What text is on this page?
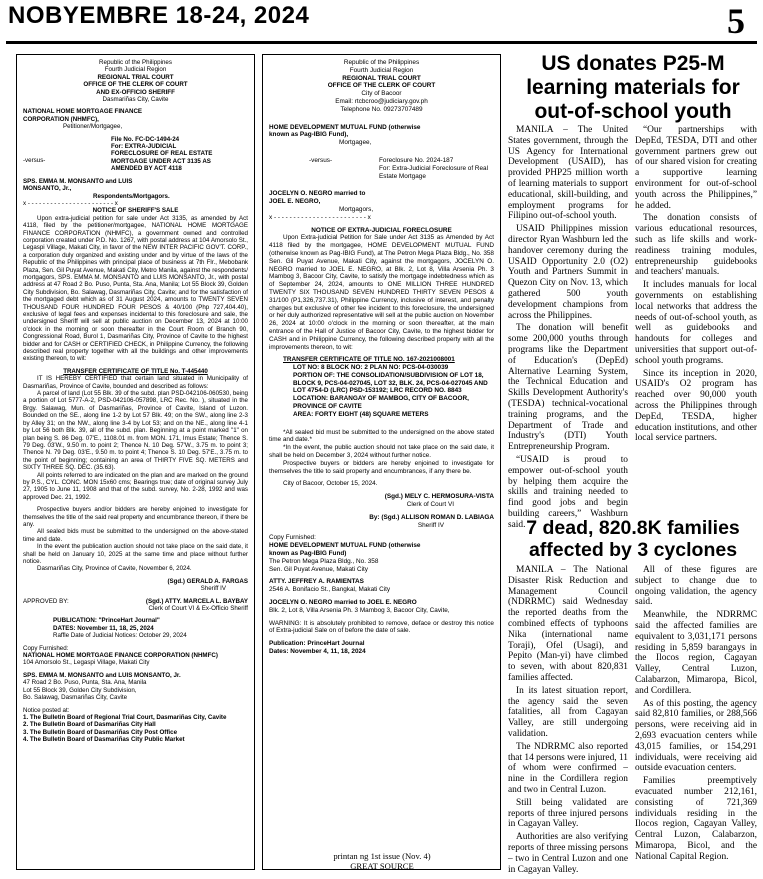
NOBYEMBRE 18-24, 2024	5
Republic of the Philippines
Fourth Judicial Region
REGIONAL TRIAL COURT
OFFICE OF THE CLERK OF COURT
AND EX-OFFICIO SHERIFF
Dasmariñas City, Cavite
NATIONAL HOME MORTGAGE FINANCE CORPORATION (NHMFC),
Petitioner/Mortgagee,
File No. FC-DC-1494-24
-versus-
For: EXTRA-JUDICIAL FORECLOSURE OF REAL ESTATE MORTGAGE UNDER ACT 3135 AS AMENDED BY ACT 4118
SPS. EMMA M. MONSANTO and LUIS MONSANTO, Jr.,
Respondents/Mortgagors.
x - - - - - - - - - - - - - - - - - - - - - - - x
NOTICE OF SHERIFF'S SALE

Upon extra-judicial petition for sale under Act 3135, as amended by Act 4118, filed by the petitioner/mortgagee, NATIONAL HOME MORTGAGE FINANCE CORPORATION (NHMFC), a government owned and controlled corporation created under P.D. No. 1267, with postal address at 104 Amorsolo St., Legaspi Village, Makati City, in favor of the NEW INTER PACIFIC GOV'T. CORP., a corporation duly organized and existing under and by virtue of the laws of the Republic of the Philippines with principal place of business at 7th Flr., Mebobank Plaza, Sen. Gil Puyat Avenue, Makati City, Metro Manila, against the respondents/ mortgagors, SPS. EMMA M. MONSANTO and LUIS MONSANTO, Jr., with postal address at 47 Road 2 Bo. Puso, Punta, Sta. Ana, Manila; Lot 55 Block 39, Golden City Subdivision, Bo. Salawag, Dasmariñas City, Cavite; and for the satisfaction of the mortgaged debt which as of 31 August 2024, amounts to TWENTY SEVEN THOUSAND FOUR HUNDRED FOUR PESOS & 40/100 (Php 727,404.40), exclusive of legal fees and expenses incidental to this foreclosure and sale, the undersigned Sheriff will sell at public auction on December 13, 2024 at 10:00 o'clock in the morning or soon thereafter in the Court Room of Branch 90, Congressional Road, Burol 1, Dasmariñas City, Province of Cavite to the highest bidder and for CASH or CERTIFIED CHECK, in Philippine Currency, the following described real property together with all the buildings and other improvements existing thereon, to wit:

TRANSFER CERTIFICATE OF TITLE No. T-445440

IT IS HEREBY CERTIFIED that certain land situated in Municipality of Dasmariñas, Province of Cavite, bounded and described as follows:

A parcel of land (Lot 55 Blk. 39 of the subd. plan PSD-042106-060530, being a portion of Lot 5777-A-2, PSD-042106-057898, LRC Rec. No. ), situated in the Brgy. Salawag, Mun. of Dasmariñas, Province of Cavite, Island of Luzon. Bounded on the SE., along line 1-2 by Lot 57 Blk. 49; on the SW., along line 2-3 by Alley 31; on the NW., along line 3-4 by Lot 53; and on the NE., along line 4-1 by Lot 56 both Blk. 39, all of the subd. plan. Beginning at a point marked "1" on plan being S. 86 Deg. 07'E., 1108.01 m. from MON. 171, Imus Estate; Thence S. 79 Deg. 03'W., 9.50 m. to point 2; Thence N. 10 Deg. 57'W., 3.75 m. to point 3; Thence N. 79 Deg. 03'E., 9.50 m. to point 4; Thence S. 10 Deg. 57'E., 3.75 m. to the point of beginning; containing an area of THIRTY FIVE SQ. METERS and SIXTY THREE SQ. DEC. (35.63).

All points referred to are indicated on the plan and are marked on the ground by P.S., CYL. CONC. MON 15x60 cms; Bearings true; date of original survey July 27, 1905 to June 11, 1908 and that of the subd. survey, No. 2-28, 1992 and was approved Dec. 21, 1992.

Prospective buyers and/or bidders are hereby enjoined to investigate for themselves the title of the said real property and encumbrance thereon, if there be any.

All sealed bids must be submitted to the undersigned on the above-stated time and date.

In the event the publication auction should not take place on the said date, it shall be held on January 10, 2025 at the same time and place without further notice.

Dasmariñas City, Province of Cavite, November 6, 2024.

(Sgd.) GERALD A. FARGAS
Sheriff IV
APPROVED BY:	(Sgd.) ATTY. MARCELA L. BAYBAY
Clerk of Court VI & Ex-Officio Sheriff
PUBLICATION: "PrinceHart Journal"
DATES: November 11, 18, 25, 2024
Raffle Date of Judicial Notices: October 29, 2024
Copy Furnished:
NATIONAL HOME MORTGAGE FINANCE CORPORATION (NHMFC)
104 Amorsolo St., Legaspi Village, Makati City
SPS. EMMA M. MONSANTO and LUIS MONSANTO, Jr.
47 Road 2 Bo. Puso, Punta, Sta. Ana, Manila
Lot 55 Block 39, Golden City Subdivision,
Bo. Salawag, Dasmariñas City, Cavite
Notice posted at:
1. The Bulletin Board of Regional Trial Court, Dasmariñas City, Cavite
2. The Bulletin Board of Dasmariñas City Hall
3. The Bulletin Board of Dasmariñas City Post Office
4. The Bulletin Board of Dasmariñas City Public Market
Republic of the Philippines
Fourth Judicial Region
REGIONAL TRIAL COURT
OFFICE OF THE CLERK OF COURT
City of Bacoor
Email: rtcbcroo@judiciary.gov.ph
Telephone No. 09273707489
HOME DEVELOPMENT MUTUAL FUND (otherwise known as Pag-IBIG Fund),
Mortgagee,
-versus-	Foreclosure No. 2024-187
For: Extra-Judicial Foreclosure of Real Estate Mortgage
JOCELYN O. NEGRO married to JOEL E. NEGRO,
Mortgagors,
x - - - - - - - - - - - - - - - - - - - - - - - - x
NOTICE OF EXTRA-JUDICIAL FORECLOSURE

Upon Extra-judicial Petition for Sale under Act 3135 as Amended by Act 4118 filed by the mortgagee, HOME DEVELOPMENT MUTUAL FUND (otherwise known as Pag-IBIG Fund), at The Petron Mega Plaza Bldg., No. 358 Sen. Gil Puyat Avenue, Makati City, against the mortgagors, JOCELYN O. NEGRO married to JOEL E. NEGRO, at Blk. 2, Lot 8, Villa Arsenia Ph. 3 Mambog 3, Bacoor City, Cavite, to satisfy the mortgage indebtedness which as of September 24, 2024, amounts to ONE MILLION THREE HUNDRED TWENTY SIX THOUSAND SEVEN HUNDRED THIRTY SEVEN PESOS & 31/100 (P1,326,737.31), Philippine Currency, inclusive of interest, and penalty charges but exclusive of other fee incident to this foreclosure, the undersigned or her duly authorized representative will sell at the public auction on November 26, 2024 at 10:00 o'clock in the morning or soon thereafter, at the main entrance of the Hall of Justice of Bacoor City, Cavite, to the highest bidder for CASH and in Philippine Currency, the following described property with all the improvements thereon, to wit:

TRANSFER CERTIFICATE OF TITLE NO. 167-2021008001
LOT NO: 8 BLOCK NO: 2 PLAN NO: PCS-04-030039
PORTION OF: THE CONSOLIDATION/SUBDIVISION OF LOT 18, BLOCK 9, PCS-04-027045, LOT 32, BLK. 24, PCS-04-027045 AND LOT 4754-D (LRC) PSD-153192; LRC RECORD NO. 8843
LOCATION: BARANGAY OF MAMBOG, CITY OF BACOOR, PROVINCE OF CAVITE
AREA: FORTY EIGHT (48) SQUARE METERS

*All sealed bid must be submitted to the undersigned on the above stated time and date.*

*In the event, the public auction should not take place on the said date, it shall be held on December 3, 2024 without further notice.

Prospective buyers or bidders are hereby enjoined to investigate for themselves the title to said property and encumbrances, if any there be.

City of Bacoor, October 15, 2024.

(Sgd.) MELY C. HERMOSURA-VISTA
Clerk of Court VI
By: (Sgd.) ALLISON ROMAN D. LABIAGA
Sheriff IV
Copy Furnished:
HOME DEVELOPMENT MUTUAL FUND (otherwise known as Pag-IBIG Fund)
The Petron Mega Plaza Bldg., No. 358
Sen. Gil Puyat Avenue, Makati City
ATTY. JEFFREY A. RAMIENTAS
2546 A. Bonifacio St., Bangkal, Makati City
JOCELYN O. NEGRO married to JOEL E. NEGRO
Blk. 2, Lot 8, Villa Arsenia Ph. 3 Mambog 3, Bacoor City, Cavite,

WARNING: It is absolutely prohibited to remove, deface or destroy this notice of Extra-judicial Sale on of before the date of sale.

Publication: PrinceHart Journal
Dates: November 4, 11, 18, 2024
printan ng 1st issue (Nov. 4)
GREAT SOURCE
US donates P25-M learning materials for out-of-school youth

MANILA – The United States government, through the US Agency for International Development (USAID), has provided PHP25 million worth of learning materials to support educational, skill-building, and employment programs for Filipino out-of-school youth.

USAID Philippines mission director Ryan Washburn led the handover ceremony during the USAID Opportunity 2.0 (O2) Youth and Partners Summit in Quezon City on Nov. 13, which gathered 500 youth development champions from across the Philippines.

The donation will benefit some 200,000 youths through programs like the Department of Education's (DepEd) Alternative Learning System, the Technical Education and Skills Development Authority's (TESDA) technical-vocational training programs, and the Department of Trade and Industry's (DTI) Youth Entrepreneurship Program.

“USAID is proud to empower out-of-school youth by helping them acquire the skills and training needed to find good jobs and begin building careers,” Washburn said.

“Our partnerships with DepEd, TESDA, DTI and other government partners grew out of our shared vision for creating a supportive learning environment for out-of-school youth across the Philippines,” he added.

The donation consists of various educational resources, such as life skills and work-readiness training modules, entrepreneurship guidebooks and teachers' manuals.

It includes manuals for local governments on establishing local networks that address the needs of out-of-school youth, as well as guidebooks and handouts for colleges and universities that support out-of-school youth programs.

Since its inception in 2020, USAID's O2 program has reached over 90,000 youth across the Philippines through DepEd, TESDA, higher education institutions, and other local service partners.

7 dead, 820.8K families affected by 3 cyclones

MANILA – The National Disaster Risk Reduction and Management Council (NDRRMC) said Wednesday the reported deaths from the combined effects of typhoons Nika (international name Toraji), Ofel (Usagi), and Pepito (Man-yi) have climbed to seven, with about 820,831 families affected.

In its latest situation report, the agency said the seven fatalities, all from Cagayan Valley, are still undergoing validation.

The NDRRMC also reported that 14 persons were injured, 11 of whom were confirmed – nine in the Cordillera region and two in Central Luzon.

Still being validated are reports of three injured persons in Cagayan Valley.

Authorities are also verifying reports of three missing persons – two in Central Luzon and one in Cagayan Valley.

All of these figures are subject to change due to ongoing validation, the agency said.

Meanwhile, the NDRRMC said the affected families are equivalent to 3,031,171 persons residing in 5,859 barangays in the Ilocos region, Cagayan Valley, Central Luzon, Calabarzon, Mimaropa, Bicol, and Cordillera.

As of this posting, the agency said 82,810 families, or 288,566 persons, were receiving aid in 2,693 evacuation centers while 43,015 families, or 154,291 individuals, were receiving aid outside evacuation centers.

Families preemptively evacuated number 212,161, consisting of 721,369 individuals residing in the Ilocos region, Cagayan Valley, Central Luzon, Calabarzon, Mimaropa, Bicol, and the National Capital Region.
